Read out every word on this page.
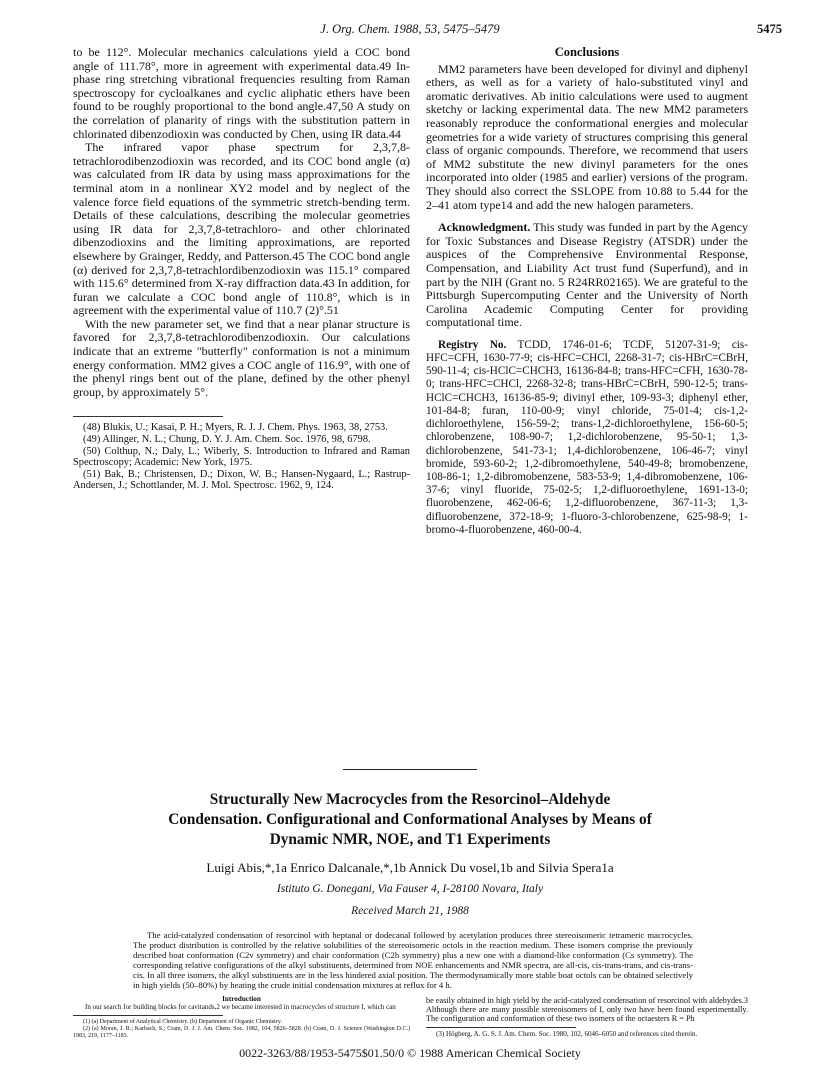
J. Org. Chem. 1988, 53, 5475–5479	5475

to be 112°. Molecular mechanics calculations yield a COC bond angle of 111.78°, more in agreement with experimental data.49 In-phase ring stretching vibrational frequencies resulting from Raman spectroscopy for cycloalkanes and cyclic aliphatic ethers have been found to be roughly proportional to the bond angle.47,50 A study on the correlation of planarity of rings with the substitution pattern in chlorinated dibenzodioxin was conducted by Chen, using IR data.44

The infrared vapor phase spectrum for 2,3,7,8-tetrachlorodibenzodioxin was recorded, and its COC bond angle (α) was calculated from IR data by using mass approximations for the terminal atom in a nonlinear XY2 model and by neglect of the valence force field equations of the symmetric stretch-bending term. Details of these calculations, describing the molecular geometries using IR data for 2,3,7,8-tetrachloro- and other chlorinated dibenzodioxins and the limiting approximations, are reported elsewhere by Grainger, Reddy, and Patterson.45 The COC bond angle (α) derived for 2,3,7,8-tetrachlordibenzodioxin was 115.1° compared with 115.6° determined from X-ray diffraction data.43 In addition, for furan we calculate a COC bond angle of 110.8°, which is in agreement with the experimental value of 110.7 (2)°.51

With the new parameter set, we find that a near planar structure is favored for 2,3,7,8-tetrachlorodibenzodioxin. Our calculations indicate that an extreme "butterfly" conformation is not a minimum energy conformation. MM2 gives a COC angle of 116.9°, with one of the phenyl rings bent out of the plane, defined by the other phenyl group, by approximately 5°.

(48) Blukis, U.; Kasai, P. H.; Myers, R. J. J. Chem. Phys. 1963, 38, 2753.

(49) Allinger, N. L.; Chung, D. Y. J. Am. Chem. Soc. 1976, 98, 6798.

(50) Colthup, N.; Daly, L.; Wiberly, S. Introduction to Infrared and Raman Spectroscopy; Academic: New York, 1975.

(51) Bak, B.; Christensen, D.; Dixon, W. B.; Hansen-Nygaard, L.; Rastrup-Andersen, J.; Schottlander, M. J. Mol. Spectrosc. 1962, 9, 124.

Conclusions

MM2 parameters have been developed for divinyl and diphenyl ethers, as well as for a variety of halo-substituted vinyl and aromatic derivatives. Ab initio calculations were used to augment sketchy or lacking experimental data. The new MM2 parameters reasonably reproduce the conformational energies and molecular geometries for a wide variety of structures comprising this general class of organic compounds. Therefore, we recommend that users of MM2 substitute the new divinyl parameters for the ones incorporated into older (1985 and earlier) versions of the program. They should also correct the SSLOPE from 10.88 to 5.44 for the 2–41 atom type14 and add the new halogen parameters.

Acknowledgment. This study was funded in part by the Agency for Toxic Substances and Disease Registry (ATSDR) under the auspices of the Comprehensive Environmental Response, Compensation, and Liability Act trust fund (Superfund), and in part by the NIH (Grant no. 5 R24RR02165). We are grateful to the Pittsburgh Supercomputing Center and the University of North Carolina Academic Computing Center for providing computational time.

Registry No. TCDD, 1746-01-6; TCDF, 51207-31-9; cis-HFC=CFH, 1630-77-9; cis-HFC=CHCl, 2268-31-7; cis-HBrC=CBrH, 590-11-4; cis-HClC=CHCH3, 16136-84-8; trans-HFC=CFH, 1630-78-0; trans-HFC=CHCl, 2268-32-8; trans-HBrC=CBrH, 590-12-5; trans-HClC=CHCH3, 16136-85-9; divinyl ether, 109-93-3; diphenyl ether, 101-84-8; furan, 110-00-9; vinyl chloride, 75-01-4; cis-1,2-dichloroethylene, 156-59-2; trans-1,2-dichloroethylene, 156-60-5; chlorobenzene, 108-90-7; 1,2-dichlorobenzene, 95-50-1; 1,3-dichlorobenzene, 541-73-1; 1,4-dichlorobenzene, 106-46-7; vinyl bromide, 593-60-2; 1,2-dibromoethylene, 540-49-8; bromobenzene, 108-86-1; 1,2-dibromobenzene, 583-53-9; 1,4-dibromobenzene, 106-37-6; vinyl fluoride, 75-02-5; 1,2-difluoroethylene, 1691-13-0; fluorobenzene, 462-06-6; 1,2-difluorobenzene, 367-11-3; 1,3-difluorobenzene, 372-18-9; 1-fluoro-3-chlorobenzene, 625-98-9; 1-bromo-4-fluorobenzene, 460-00-4.

Structurally New Macrocycles from the Resorcinol–Aldehyde
Condensation. Configurational and Conformational Analyses by Means of
Dynamic NMR, NOE, and T1 Experiments
Luigi Abis,*,1a Enrico Dalcanale,*,1b Annick Du vosel,1b and Silvia Spera1a
Istituto G. Donegani, Via Fauser 4, I-28100 Novara, Italy
Received March 21, 1988

The acid-catalyzed condensation of resorcinol with heptanal or dodecanal followed by acetylation produces three stereoisomeric tetrameric macrocycles. The product distribution is controlled by the relative solubilities of the stereoisomeric octols in the reaction medium. These isomers comprise the previously described boat conformation (C2v symmetry) and chair conformation (C2h symmetry) plus a new one with a diamond-like conformation (Cs symmetry). The corresponding relative configurations of the alkyl substituents, determined from NOE enhancements and NMR spectra, are all-cis, cis-trans-trans, and cis-trans-cis. In all three isomers, the alkyl substituents are in the less hindered axial position. The thermodynamically more stable boat octols can be obtained selectively in high yields (50–80%) by heating the crude initial condensation mixtures at reflux for 4 h.

0022-3263/88/1953-5475$01.50/0 © 1988 American Chemical Society
Introduction

In our search for building blocks for cavitands,2 we became interested in macrocycles of structure I, which can

(1) (a) Department of Analytical Chemistry. (b) Department of Organic Chemistry.

(2) (a) Moran, J. R.; Karbach, S.; Cram, D. J. J. Am. Chem. Soc. 1982, 104, 5826–5828. (b) Cram, D. J. Science (Washington D.C.) 1983, 219, 1177–1183.

be easily obtained in high yield by the acid-catalyzed condensation of resorcinol with aldehydes.3 Although there are many possible stereoisomers of I, only two have been found experimentally. The configuration and conformation of these two isomers of the octaesters R = Ph

(3) Högberg, A. G. S. J. Am. Chem. Soc. 1980, 102, 6046–6050 and references cited therein.
